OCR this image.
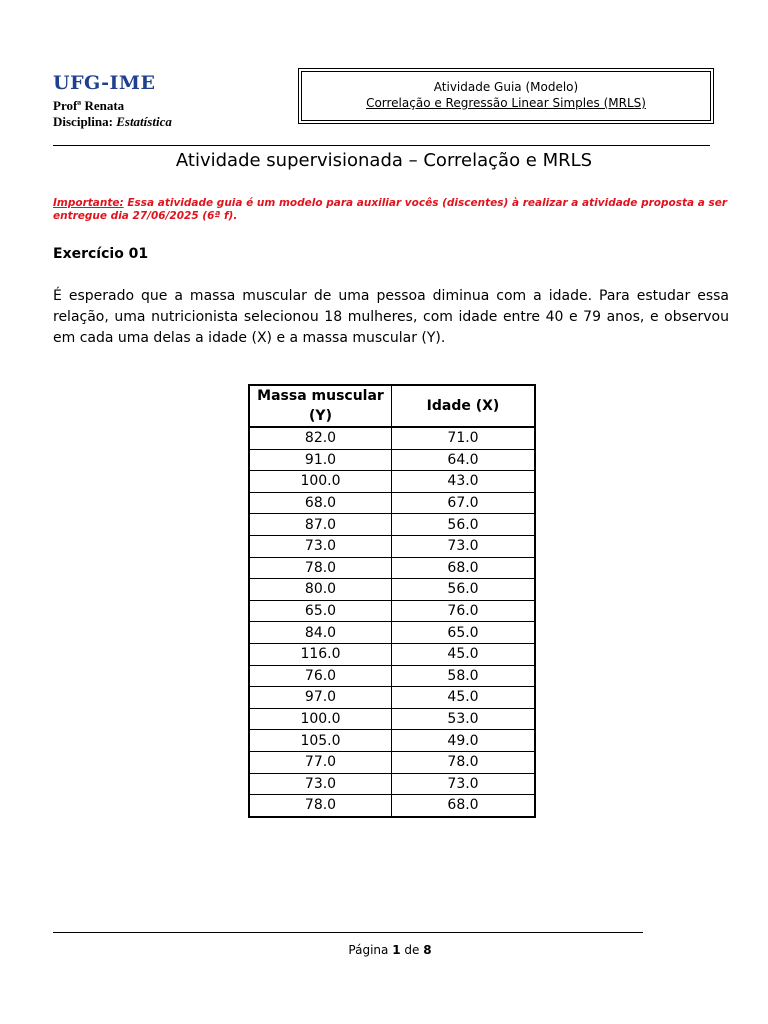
UFG-IME
Profª Renata
Disciplina: Estatística
Atividade Guia (Modelo)
Correlação e Regressão Linear Simples (MRLS)
Atividade supervisionada – Correlação e MRLS
Importante: Essa atividade guia é um modelo para auxiliar vocês (discentes) à realizar a atividade proposta a ser entregue dia 27/06/2025 (6ª f).
Exercício 01
É esperado que a massa muscular de uma pessoa diminua com a idade. Para estudar essa relação, uma nutricionista selecionou 18 mulheres, com idade entre 40 e 79 anos, e observou em cada uma delas a idade (X) e a massa muscular (Y).
Massa muscular (Y)	Idade (X)
82.0	71.0
91.0	64.0
100.0	43.0
68.0	67.0
87.0	56.0
73.0	73.0
78.0	68.0
80.0	56.0
65.0	76.0
84.0	65.0
116.0	45.0
76.0	58.0
97.0	45.0
100.0	53.0
105.0	49.0
77.0	78.0
73.0	73.0
78.0	68.0
Página 1 de 8
